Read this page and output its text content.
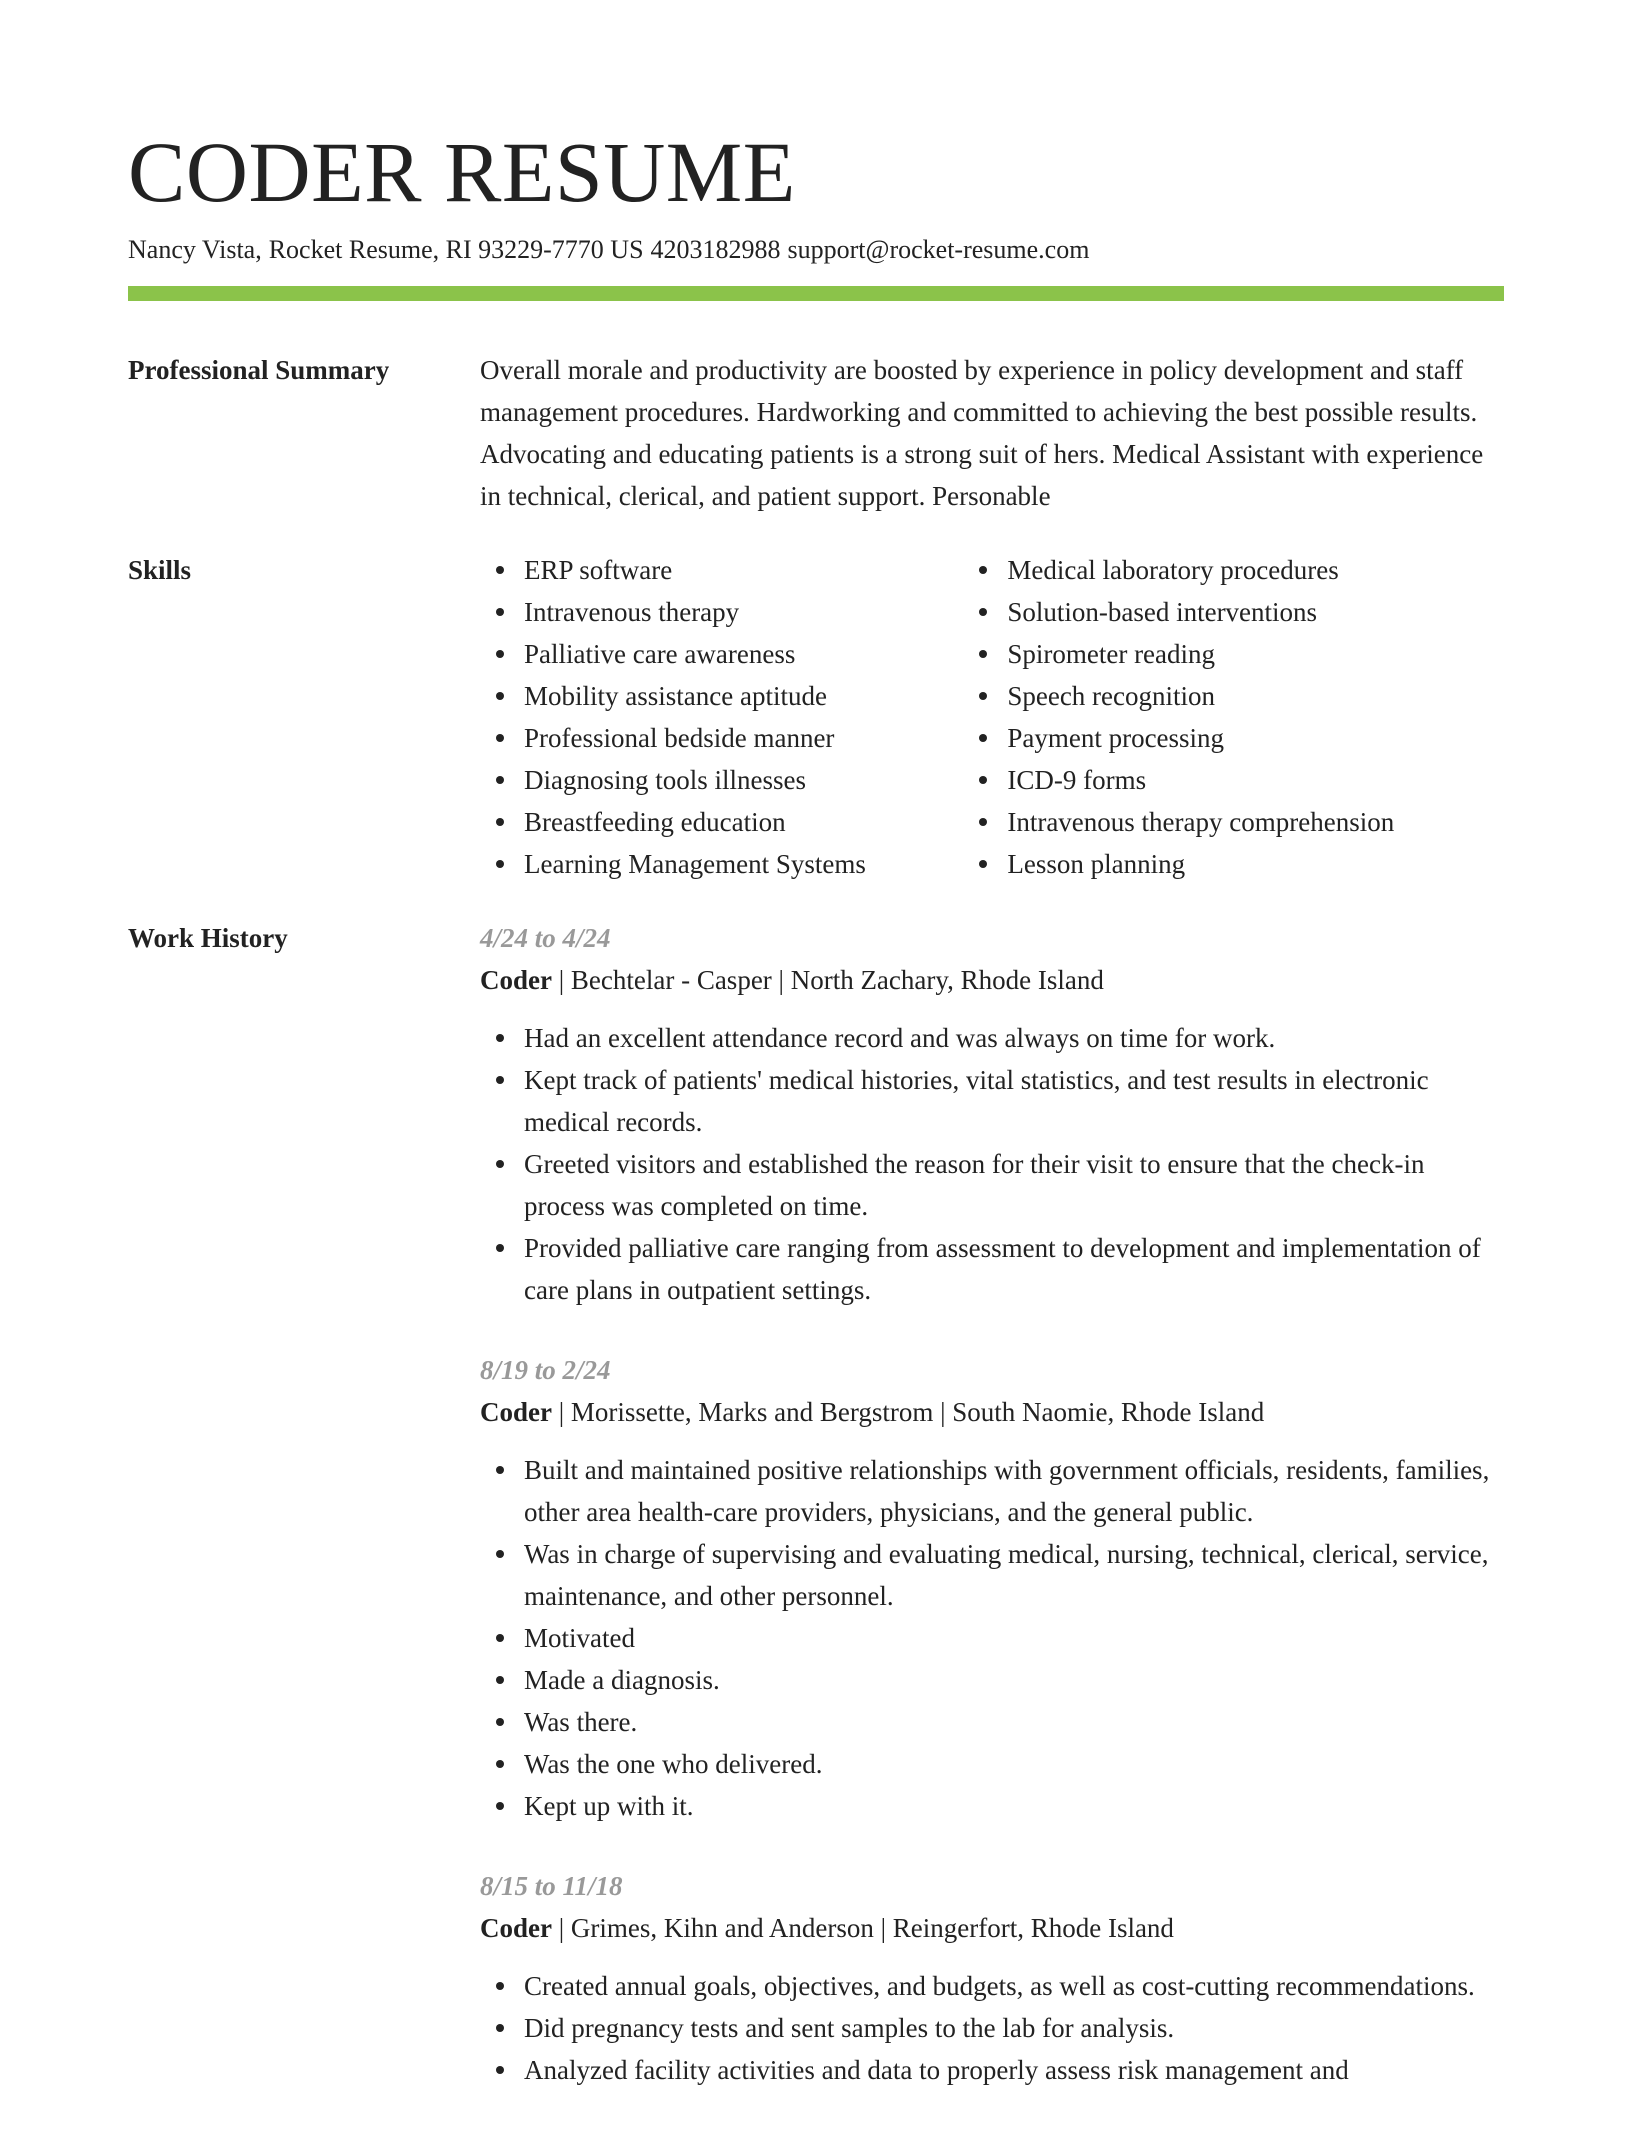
CODER RESUME
Nancy Vista, Rocket Resume, RI 93229-7770 US 4203182988 support@rocket-resume.com
Professional Summary	Overall morale and productivity are boosted by experience in policy development and staff management procedures. Hardworking and committed to achieving the best possible results. Advocating and educating patients is a strong suit of hers. Medical Assistant with experience in technical, clerical, and patient support. Personable

Skills	ERP software
Intravenous therapy
Palliative care awareness
Mobility assistance aptitude
Professional bedside manner
Diagnosing tools illnesses
Breastfeeding education
Learning Management Systems
Medical laboratory procedures
Solution-based interventions
Spirometer reading
Speech recognition
Payment processing
ICD-9 forms
Intravenous therapy comprehension
Lesson planning
Work History	4/24 to 4/24

Coder | Bechtelar - Casper | North Zachary, Rhode Island

Had an excellent attendance record and was always on time for work.
Kept track of patients' medical histories, vital statistics, and test results in electronic medical records.
Greeted visitors and established the reason for their visit to ensure that the check-in process was completed on time.
Provided palliative care ranging from assessment to development and implementation of care plans in outpatient settings.

8/19 to 2/24

Coder | Morissette, Marks and Bergstrom | South Naomie, Rhode Island

Built and maintained positive relationships with government officials, residents, families, other area health-care providers, physicians, and the general public.
Was in charge of supervising and evaluating medical, nursing, technical, clerical, service, maintenance, and other personnel.
Motivated
Made a diagnosis.
Was there.
Was the one who delivered.
Kept up with it.

8/15 to 11/18

Coder | Grimes, Kihn and Anderson | Reingerfort, Rhode Island

Created annual goals, objectives, and budgets, as well as cost-cutting recommendations.
Did pregnancy tests and sent samples to the lab for analysis.
Analyzed facility activities and data to properly assess risk management and
